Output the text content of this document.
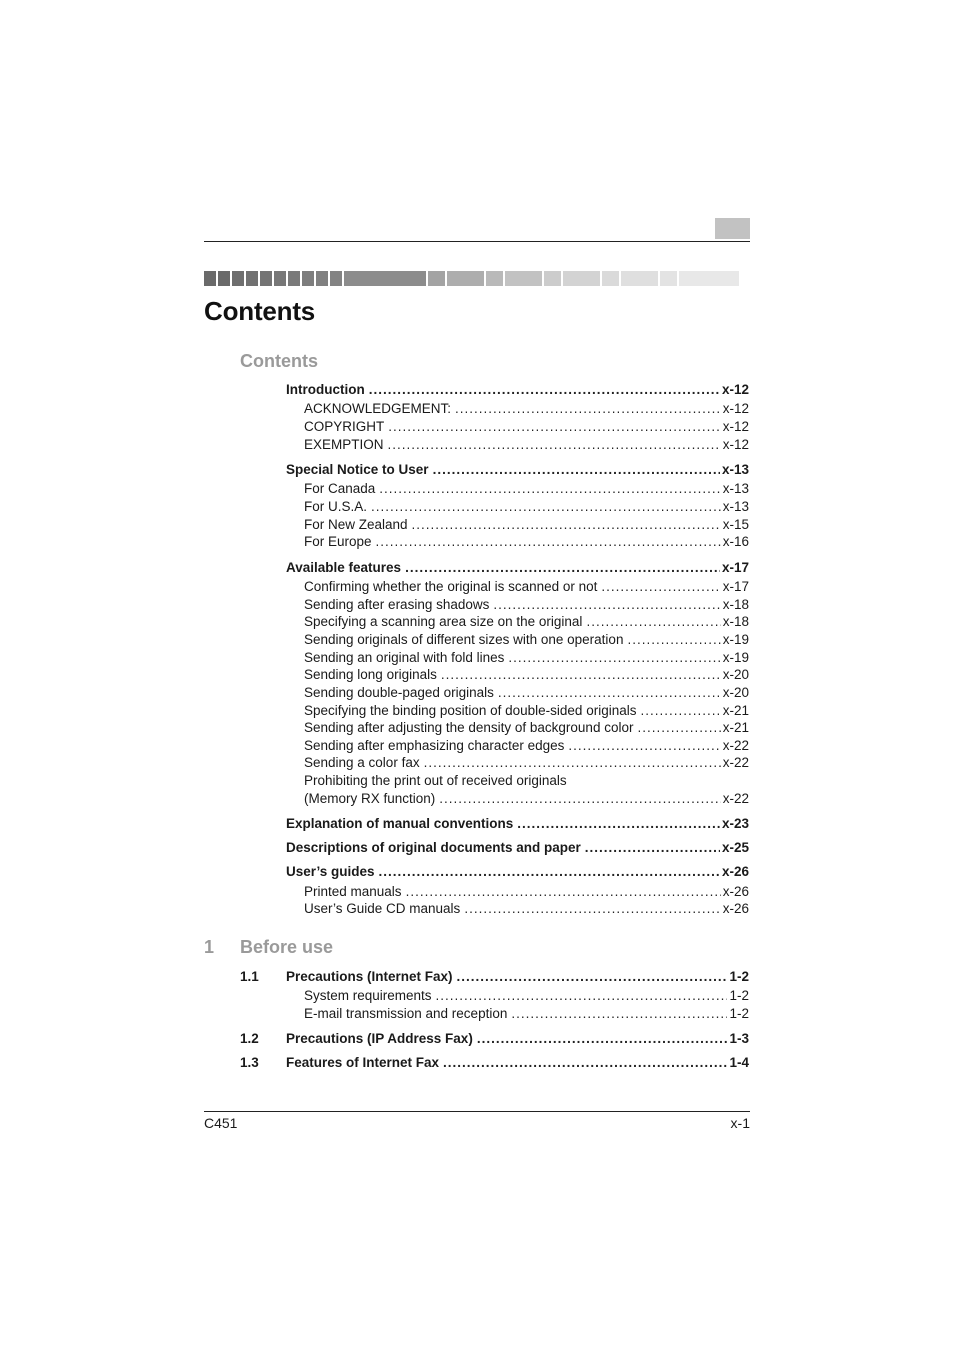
Contents
Contents
Introduction .....	x-12
ACKNOWLEDGEMENT: .....	x-12
COPYRIGHT .....	x-12
EXEMPTION .....	x-12
Special Notice to User .....	x-13
For Canada .....	x-13
For U.S.A. .....	x-13
For New Zealand .....	x-15
For Europe .....	x-16
Available features .....	x-17
Confirming whether the original is scanned or not .....	x-17
Sending after erasing shadows .....	x-18
Specifying a scanning area size on the original .....	x-18
Sending originals of different sizes with one operation .....	x-19
Sending an original with fold lines .....	x-19
Sending long originals .....	x-20
Sending double-paged originals .....	x-20
Specifying the binding position of double-sided originals .....	x-21
Sending after adjusting the density of background color .....	x-21
Sending after emphasizing character edges .....	x-22
Sending a color fax .....	x-22
Prohibiting the print out of received originals
(Memory RX function) .....	x-22
Explanation of manual conventions .....	x-23
Descriptions of original documents and paper .....	x-25
User’s guides .....	x-26
Printed manuals .....	x-26
User’s Guide CD manuals .....	x-26
1 Before use
1.1 Precautions (Internet Fax) .....	1-2
System requirements .....	1-2
E-mail transmission and reception .....	1-2
1.2 Precautions (IP Address Fax) .....	1-3
1.3 Features of Internet Fax .....	1-4
C451	x-1
